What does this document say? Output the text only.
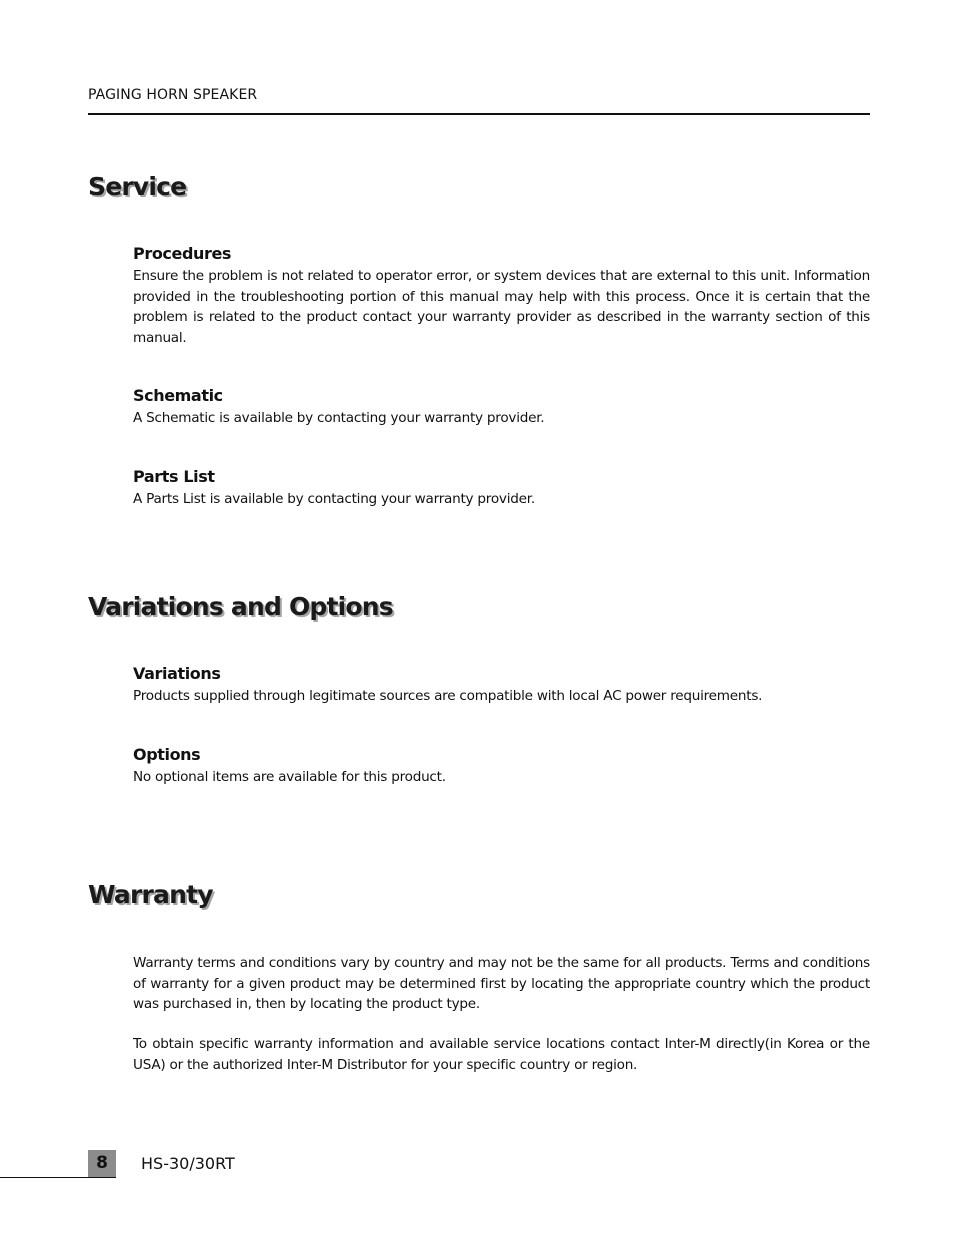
PAGING HORN SPEAKER
Service
Procedures

Ensure the problem is not related to operator error, or system devices that are external to this unit. Information provided in the troubleshooting portion of this manual may help with this process. Once it is certain that the problem is related to the product contact your warranty provider as described in the warranty section of this manual.

Schematic

A Schematic is available by contacting your warranty provider.

Parts List

A Parts List is available by contacting your warranty provider.

Variations and Options
Variations

Products supplied through legitimate sources are compatible with local AC power requirements.

Options

No optional items are available for this product.

Warranty

Warranty terms and conditions vary by country and may not be the same for all products. Terms and conditions of warranty for a given product may be determined first by locating the appropriate country which the product was purchased in, then by locating the product type.

To obtain specific warranty information and available service locations contact Inter-M directly(in Korea or the USA) or the authorized Inter-M Distributor for your specific country or region.

8	HS-30/30RT
